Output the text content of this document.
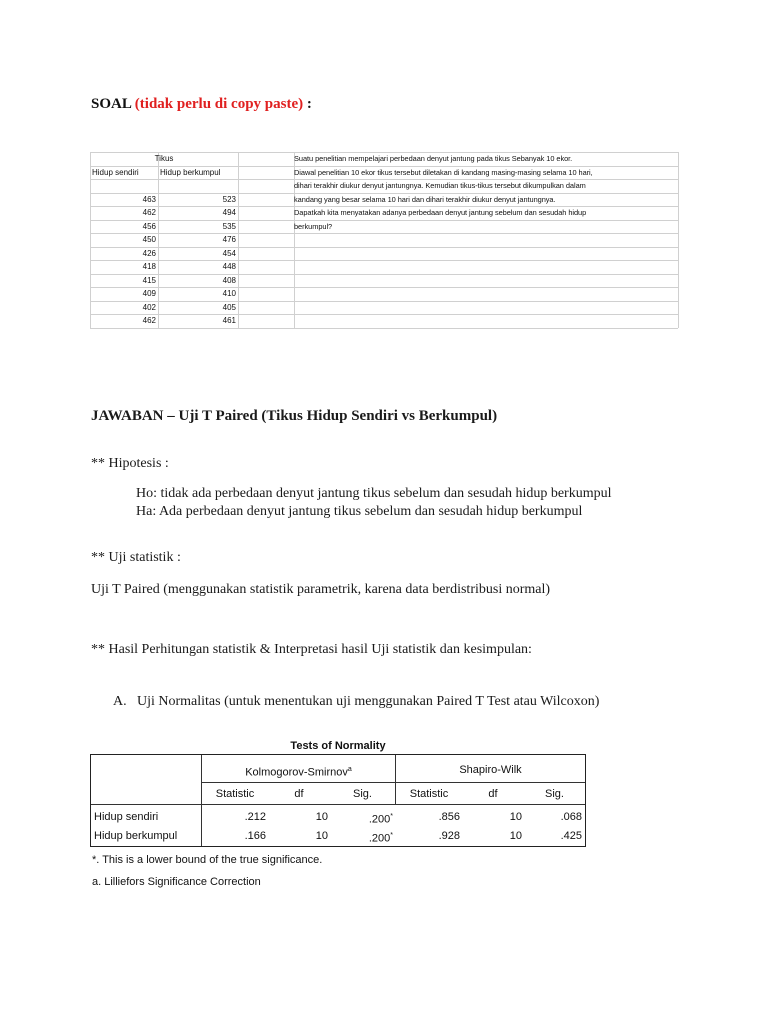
SOAL (tidak perlu di copy paste) :
Tikus
Hidup sendiri	Hidup berkumpul
463	523
462	494
456	535
450	476
426	454
418	448
415	408
409	410
402	405
462	461
Suatu penelitian mempelajari perbedaan denyut jantung pada tikus Sebanyak 10 ekor.
Diawal penelitian 10 ekor tikus tersebut diletakan di kandang masing-masing selama 10 hari,
dihari terakhir diukur denyut jantungnya. Kemudian tikus-tikus tersebut dikumpulkan dalam
kandang yang besar selama 10 hari dan dihari terakhir diukur denyut jantungnya.
Dapatkah kita menyatakan adanya perbedaan denyut jantung sebelum dan sesudah hidup
berkumpul?
JAWABAN – Uji T Paired (Tikus Hidup Sendiri vs Berkumpul)
** Hipotesis :
Ho: tidak ada perbedaan denyut jantung tikus sebelum dan sesudah hidup berkumpul
Ha: Ada perbedaan denyut jantung tikus sebelum dan sesudah hidup berkumpul
** Uji statistik :
Uji T Paired (menggunakan statistik parametrik, karena data berdistribusi normal)
** Hasil Perhitungan statistik & Interpretasi hasil Uji statistik dan kesimpulan:
A. Uji Normalitas (untuk menentukan uji menggunakan Paired T Test atau Wilcoxon)
Tests of Normality
Kolmogorov-Smirnov$^a$	Shapiro-Wilk
Statistic	df	Sig.	Statistic	df	Sig.
Hidup sendiri	.212	10	.200*	.856	10	.068
Hidup berkumpul	.166	10	.200*	.928	10	.425
*. This is a lower bound of the true significance.
a. Lilliefors Significance Correction
